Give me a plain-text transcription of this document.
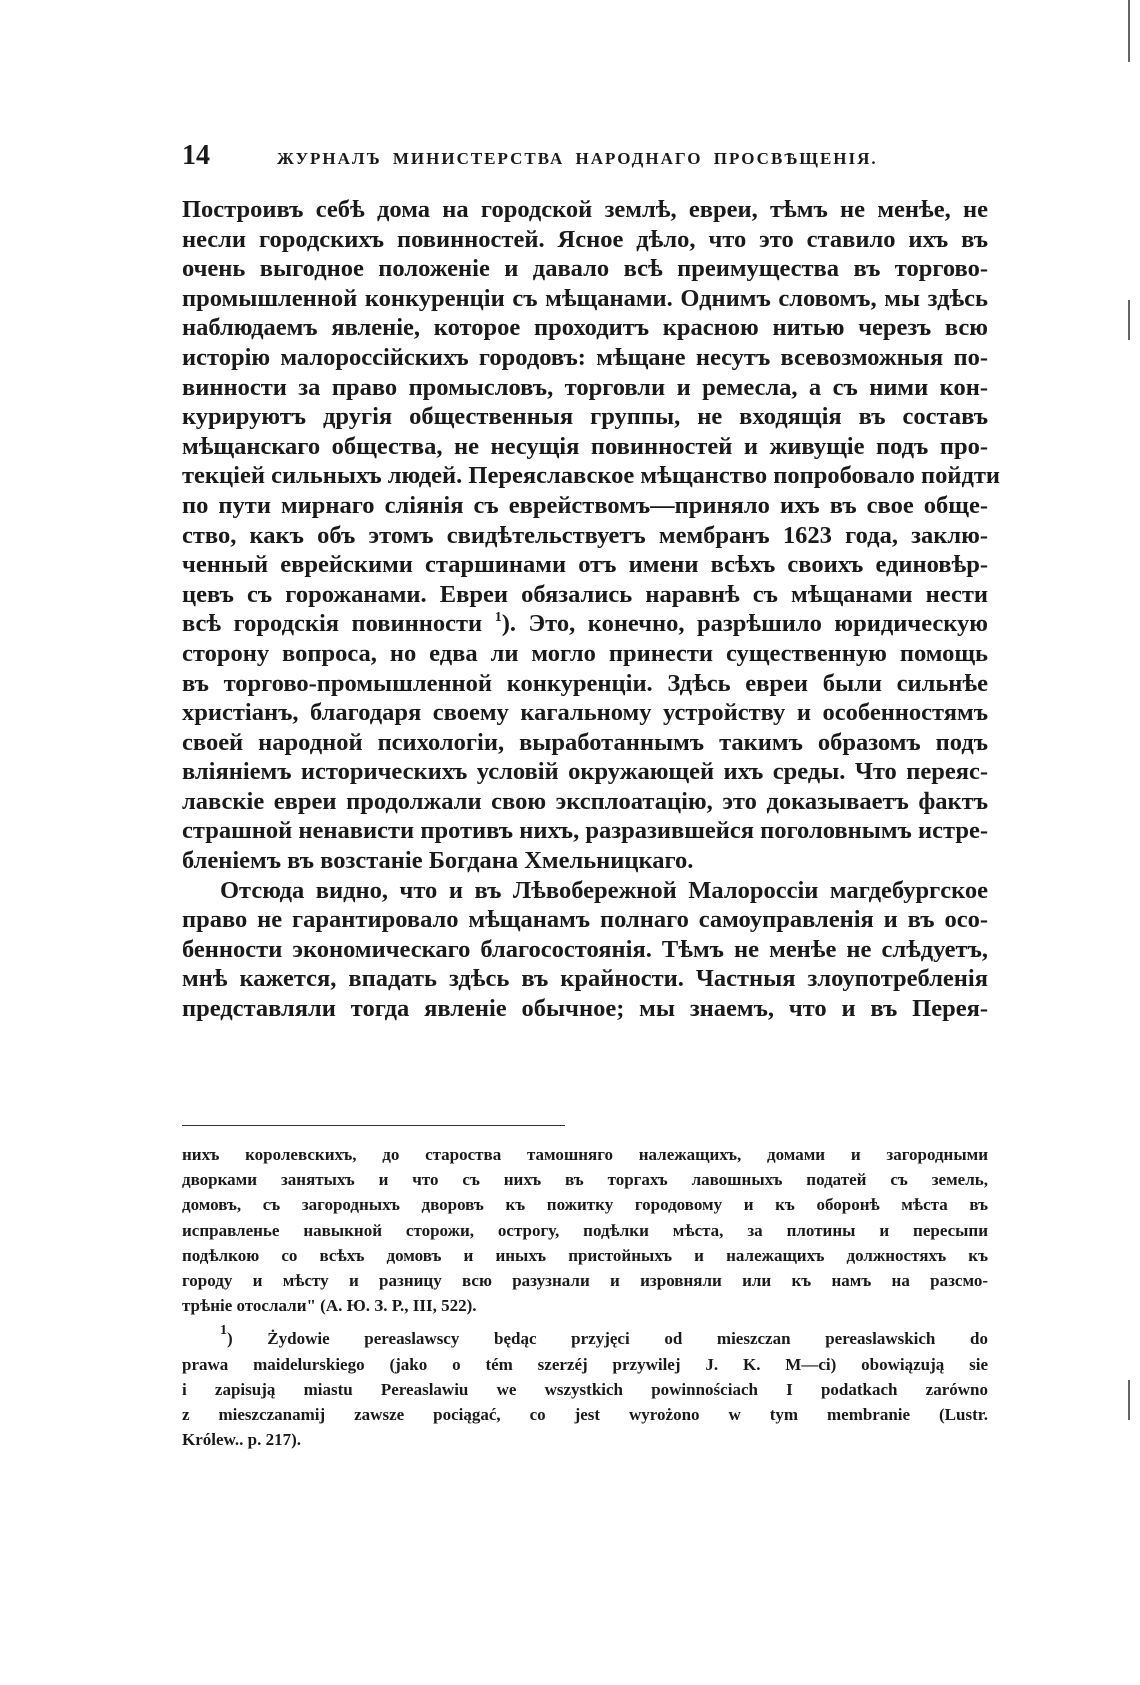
14	ЖУРНАЛЪ МИНИСТЕРСТВА НАРОДНАГО ПРОСВѢЩЕНІЯ.
Построивъ себѣ дома на городской землѣ, евреи, тѣмъ не менѣе, не
несли городскихъ повинностей. Ясное дѣло, что это ставило ихъ въ
очень выгодное положеніе и давало всѣ преимущества въ торгово-
промышленной конкуренціи съ мѣщанами. Однимъ словомъ, мы здѣсь
наблюдаемъ явленіе, которое проходитъ красною нитью черезъ всю
исторію малороссійскихъ городовъ: мѣщане несутъ всевозможныя по-
винности за право промысловъ, торговли и ремесла, а съ ними кон-
курируютъ другія общественныя группы, не входящія въ составъ
мѣщанскаго общества, не несущія повинностей и живущіе подъ про-
текціей сильныхъ людей. Переяславское мѣщанство попробовало пойдти
по пути мирнаго сліянія съ еврействомъ—приняло ихъ въ свое обще-
ство, какъ объ этомъ свидѣтельствуетъ мембранъ 1623 года, заклю-
ченный еврейскими старшинами отъ имени всѣхъ своихъ единовѣр-
цевъ съ горожанами. Евреи обязались наравнѣ съ мѣщанами нести
всѣ городскія повинности $^1$). Это, конечно, разрѣшило юридическую
сторону вопроса, но едва ли могло принести существенную помощь
въ торгово-промышленной конкуренціи. Здѣсь евреи были сильнѣе
христіанъ, благодаря своему кагальному устройству и особенностямъ
своей народной психологіи, выработаннымъ такимъ образомъ подъ
вліяніемъ историческихъ условій окружающей ихъ среды. Что переяс-
лавскіе евреи продолжали свою эксплоатацію, это доказываетъ фактъ
страшной ненависти противъ нихъ, разразившейся поголовнымъ истре-
бленіемъ въ возстаніе Богдана Хмельницкаго.
Отсюда видно, что и въ Лѣвобережной Малороссіи магдебургское
право не гарантировало мѣщанамъ полнаго самоуправленія и въ осо-
бенности экономическаго благосостоянія. Тѣмъ не менѣе не слѣдуетъ,
мнѣ кажется, впадать здѣсь въ крайности. Частныя злоупотребленія
представляли тогда явленіе обычное; мы знаемъ, что и въ Перея-
нихъ королевскихъ, до староства тамошняго належащихъ, домами и загородными
дворками занятыхъ и что съ нихъ въ торгахъ лавошныхъ податей съ земель,
домовъ, съ загородныхъ дворовъ къ пожитку городовому и къ оборонѣ мѣста въ
исправленье навыкной сторожи, острогу, подѣлки мѣста, за плотины и пересыпи
подѣлкою со всѣхъ домовъ и иныхъ пристойныхъ и належащихъ должностяхъ къ
городу и мѣсту и разницу всю разузнали и изровняли или къ намъ на разсмо-
трѣніе отослали" (А. Ю. З. Р., III, 522).
$^1$) Żydowie pereaslawscy będąc przyjęci od mieszczan pereaslawskich do
prawa maidelurskiego (jako o tém szerzéj przywilej J. K. M—ci) obowiązują sie
i zapisują miastu Pereaslawiu we wszystkich powinnościach I podatkach zarówno
z mieszczanamij zawsze pociągać, co jest wyrożono w tym membranie (Lustr.
Królew.. p. 217).
